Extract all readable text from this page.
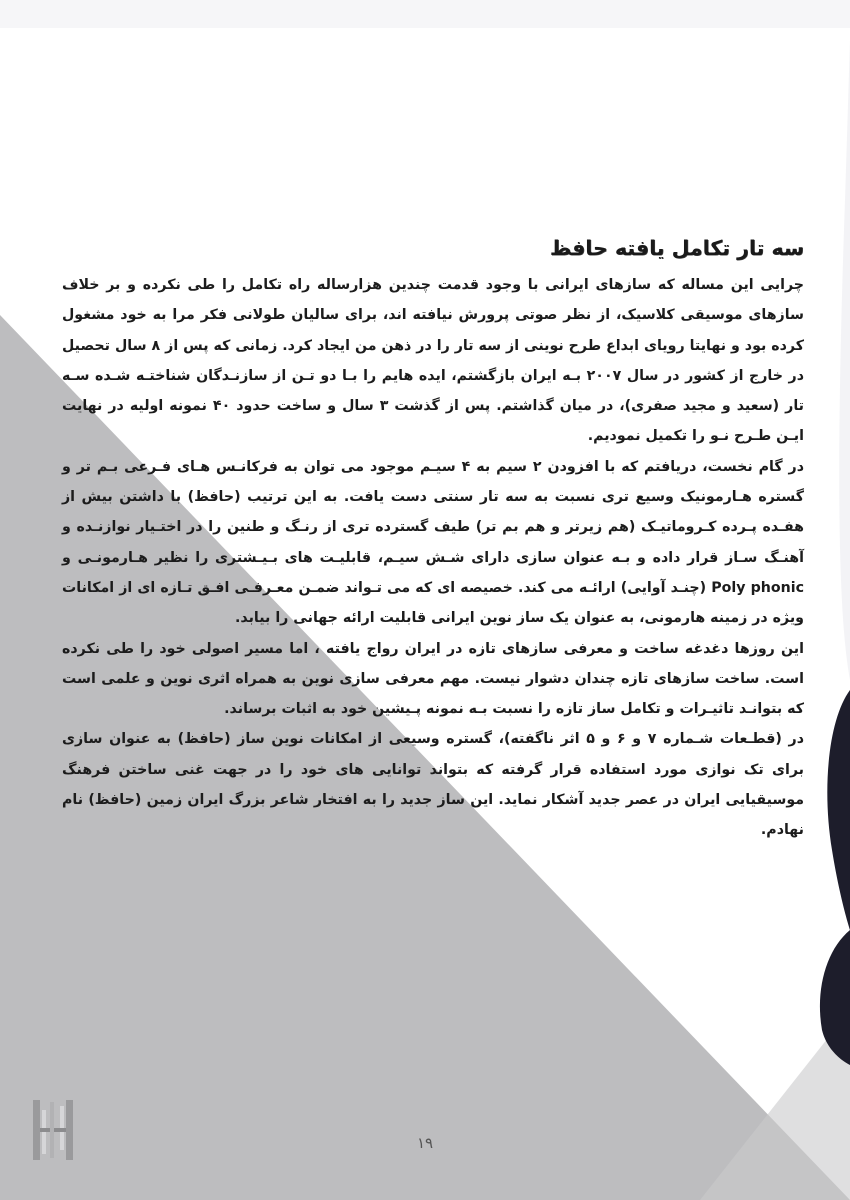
سه تار تکامل یافته حافظ

چرایی این مساله که سازهای ایرانی با وجود قدمت چندین هزارساله راه تکامل را طی نکرده و بر خلاف سازهای موسیقی کلاسیک، از نظر صوتی پرورش نیافته اند، برای سالیان طولانی فکر مرا به خود مشغول کرده بود و نهایتا رویای ابداع طرح نوینی از سه تار را در ذهن من ایجاد کرد. زمانی که پس از ۸ سال تحصیل در خارج از کشور در سال ۲۰۰۷ بـه ایران بازگشتم، ایده هایم را بـا دو تـن از سازنـدگان شناختـه شـده سـه تار (سعید و مجید صفری)، در میان گذاشتم. پس از گذشت ۳ سال و ساخت حدود ۴۰ نمونه اولیه در نهایت ایـن طـرح نـو را تکمیل نمودیم.

در گام نخست، دریافتم که با افزودن ۲ سیم به ۴ سیـم موجود می توان به فرکانـس هـای فـرعی بـم تر و گستره هـارمونیک وسیع تری نسبت به سه تار سنتی دست یافت. به این ترتیب (حافظ) با داشتن بیش از هفـده پـرده کـروماتیـک (هم زیرتر و هم بم تر) طیف گسترده تری از رنـگ و طنین را در اختـیار نوازنـده و آهنـگ سـاز قرار داده و بـه عنوان سازی دارای شـش سیـم، قابلیـت های بـیـشتری را نظیر هـارمونـی و Poly phonic (چنـد آوایی) ارائـه می کند. خصیصه ای که می تـواند ضمـن معـرفـی افـق تـازه ای از امکانات ویژه در زمینه هارمونی، به عنوان یک ساز نوین ایرانی قابلیت ارائه جهانی را بیابد.

این روزها دغدغه ساخت و معرفی سازهای تازه در ایران رواج یافته ، اما مسیر اصولی خود را طی نکرده است. ساخت سازهای تازه چندان دشوار نیست. مهم معرفی سازی نوین به همراه اثری نوین و علمی است که بتوانـد تاثیـرات و تکامل ساز تازه را نسبت بـه نمونه پـیشین خود به اثبات برساند.

در (قطـعات شـماره ۷ و ۶ و ۵ اثر ناگفته)، گستره وسیعی از امکانات نوین ساز (حافظ) به عنوان سازی برای تک نوازی مورد استفاده قرار گرفته که بتواند توانایی های خود را در جهت غنی ساختن فرهنگ موسیقیایی ایران در عصر جدید آشکار نماید. این ساز جدید را به افتخار شاعر بزرگ ایران زمین (حافظ) نام نهادم.

۱۹
